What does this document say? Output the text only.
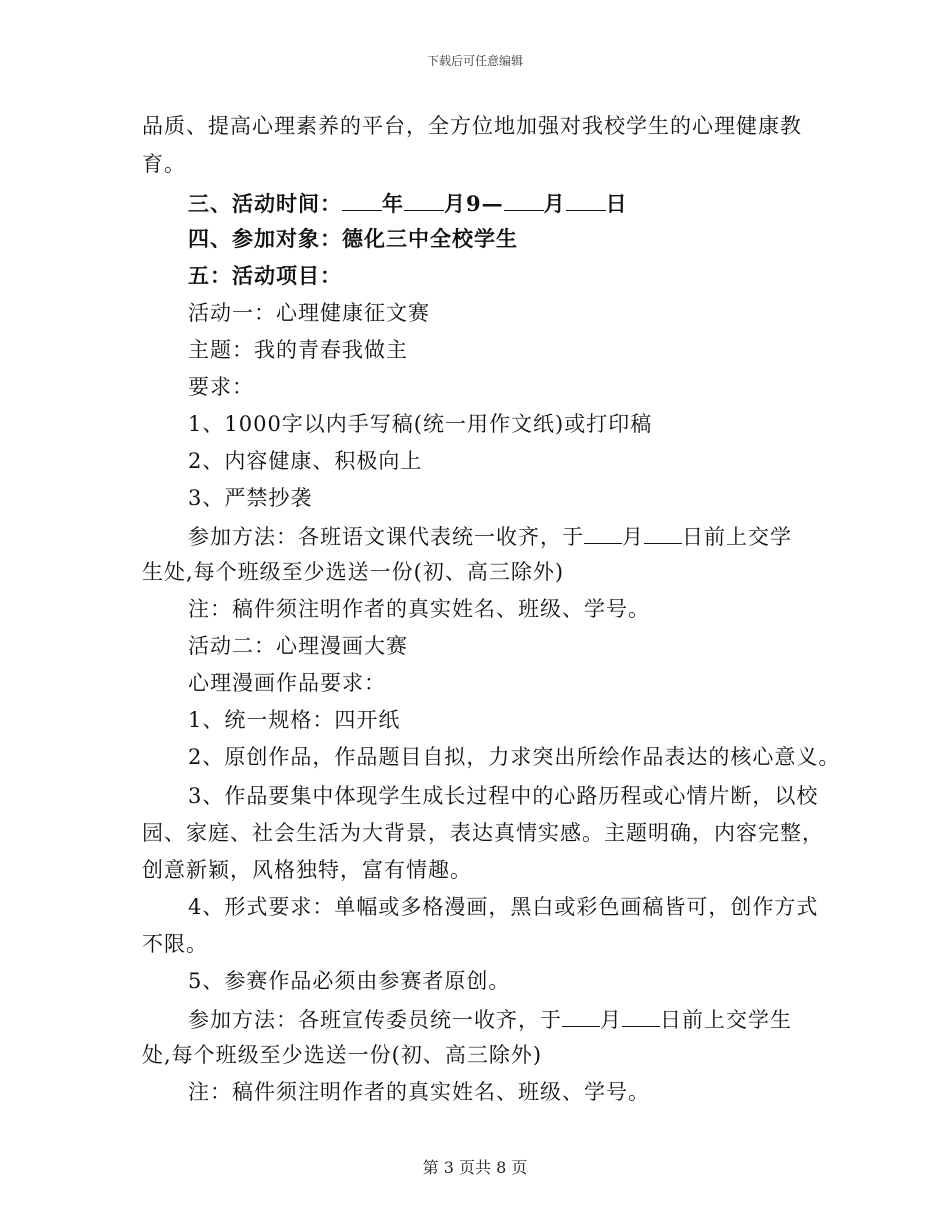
下载后可任意编辑
品质、提高心理素养的平台，全方位地加强对我校学生的心理健康教
育。
三、活动时间： 年 月9— 月 日
四、参加对象：德化三中全校学生
五：活动项目：
活动一：心理健康征文赛
主题：我的青春我做主
要求：
1、1000字以内手写稿(统一用作文纸)或打印稿
2、内容健康、积极向上
3、严禁抄袭
参加方法：各班语文课代表统一收齐，于 月 日前上交学
生处,每个班级至少选送一份(初、高三除外)
注：稿件须注明作者的真实姓名、班级、学号。
活动二：心理漫画大赛
心理漫画作品要求：
1、统一规格：四开纸
2、原创作品，作品题目自拟，力求突出所绘作品表达的核心意义。
3、作品要集中体现学生成长过程中的心路历程或心情片断，以校
园、家庭、社会生活为大背景，表达真情实感。主题明确，内容完整，
创意新颖，风格独特，富有情趣。
4、形式要求：单幅或多格漫画，黑白或彩色画稿皆可，创作方式
不限。
5、参赛作品必须由参赛者原创。
参加方法：各班宣传委员统一收齐，于 月 日前上交学生
处,每个班级至少选送一份(初、高三除外)
注：稿件须注明作者的真实姓名、班级、学号。
第 3 页共 8 页
